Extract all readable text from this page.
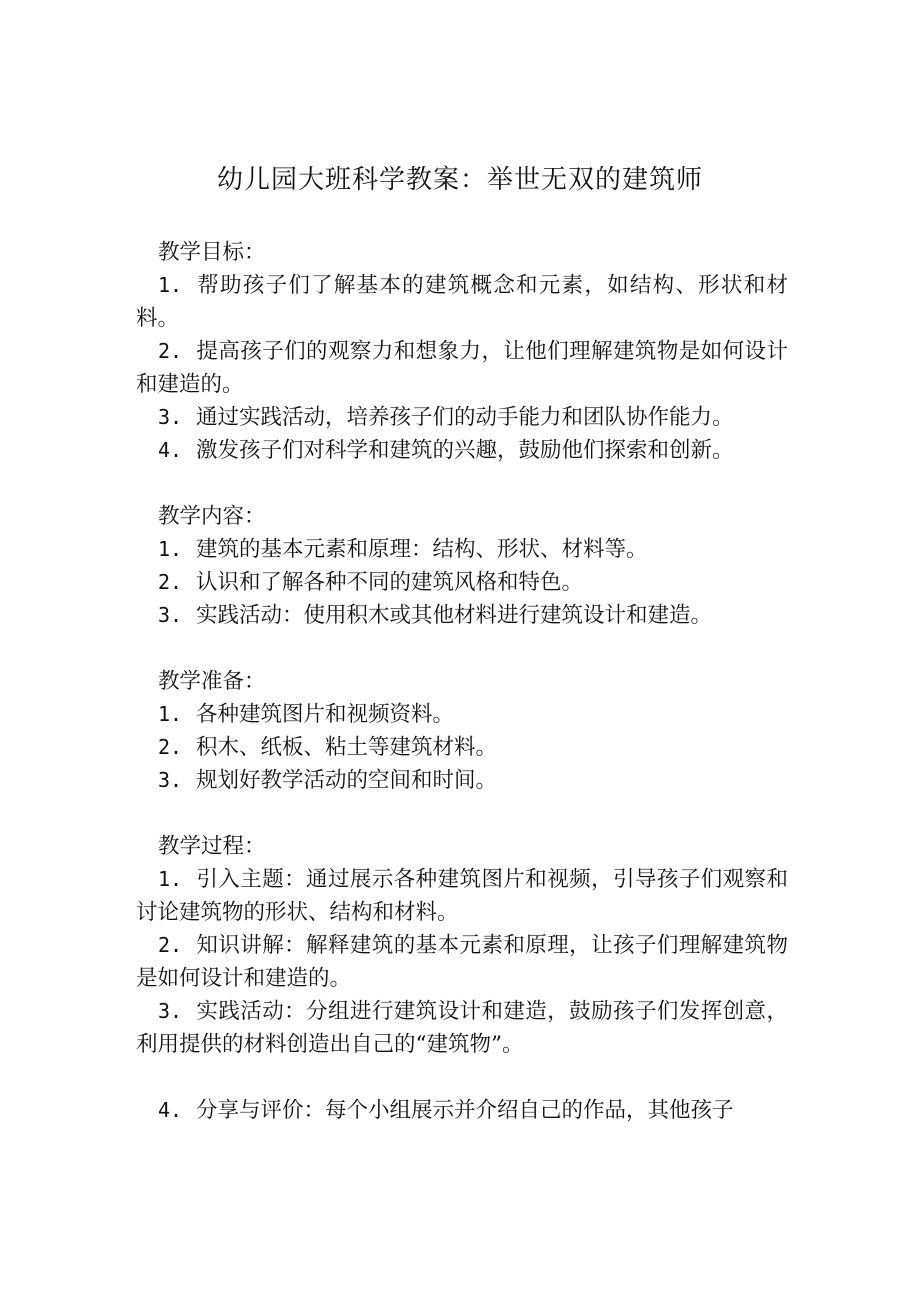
幼儿园大班科学教案：举世无双的建筑师

教学目标：

1. 帮助孩子们了解基本的建筑概念和元素，如结构、形状和材料。

2. 提高孩子们的观察力和想象力，让他们理解建筑物是如何设计和建造的。

3. 通过实践活动，培养孩子们的动手能力和团队协作能力。

4. 激发孩子们对科学和建筑的兴趣，鼓励他们探索和创新。

教学内容：

1. 建筑的基本元素和原理：结构、形状、材料等。

2. 认识和了解各种不同的建筑风格和特色。

3. 实践活动：使用积木或其他材料进行建筑设计和建造。

教学准备：

1. 各种建筑图片和视频资料。

2. 积木、纸板、粘土等建筑材料。

3. 规划好教学活动的空间和时间。

教学过程：

1. 引入主题：通过展示各种建筑图片和视频，引导孩子们观察和讨论建筑物的形状、结构和材料。

2. 知识讲解：解释建筑的基本元素和原理，让孩子们理解建筑物是如何设计和建造的。

3. 实践活动：分组进行建筑设计和建造，鼓励孩子们发挥创意，利用提供的材料创造出自己的“建筑物”。

4. 分享与评价：每个小组展示并介绍自己的作品，其他孩子
